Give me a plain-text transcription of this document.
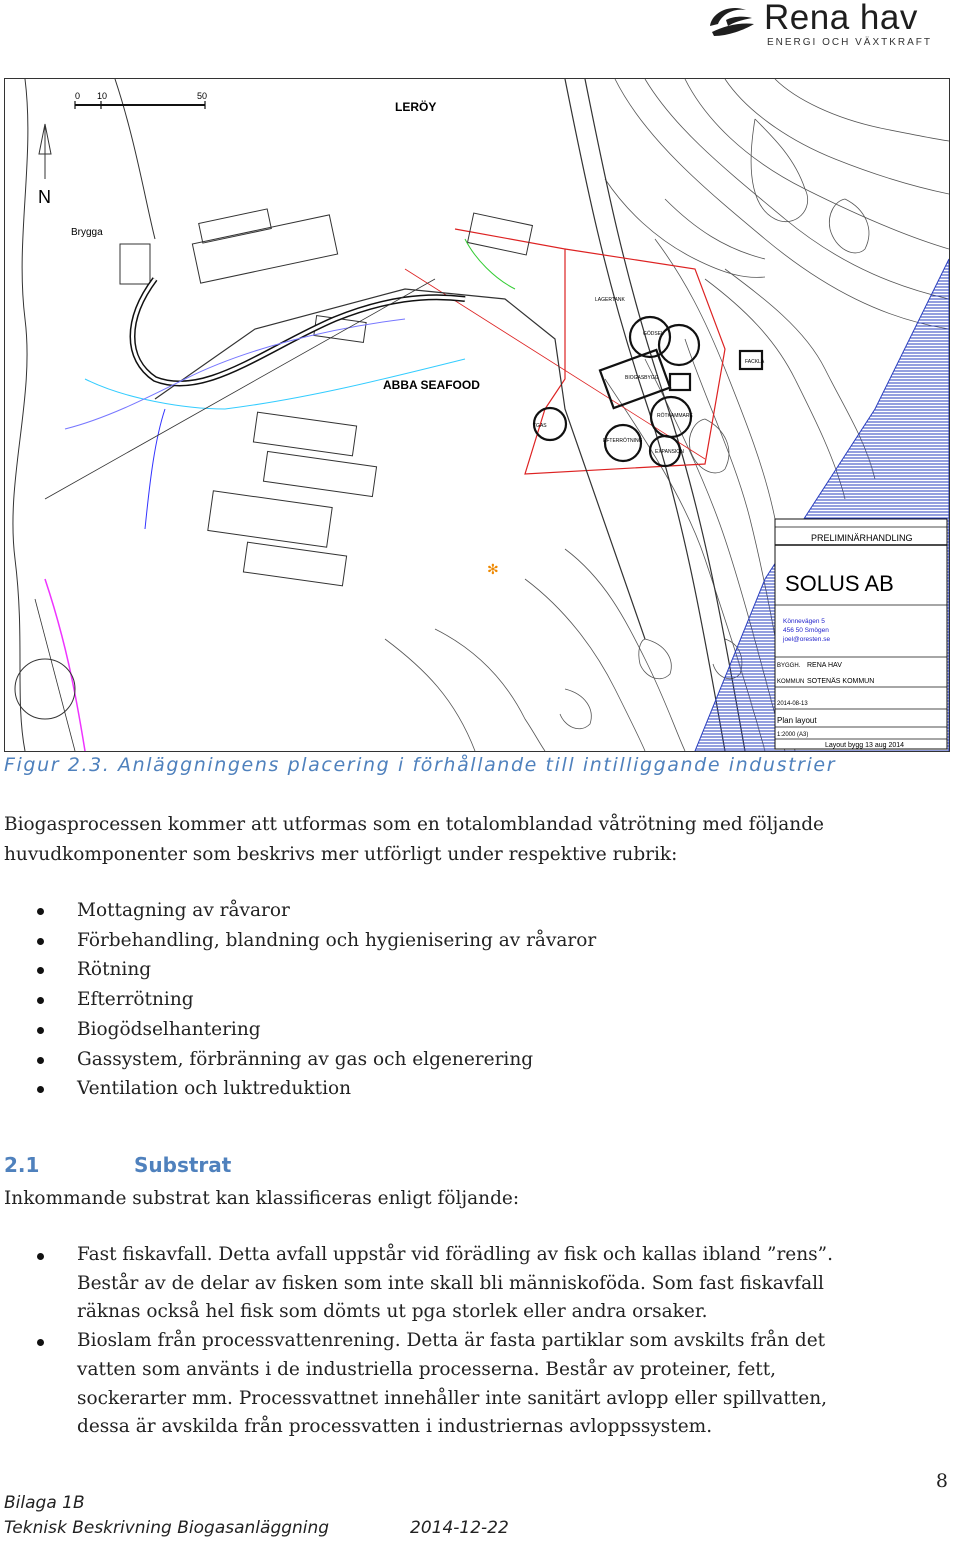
Rena hav
ENERGI OCH VÄXTKRAFT
TGAS
EFTERRÖTNING
EXPANSION
RÖTKAMMARE
GÖDSEL
BIOGASBYGG
FACKLA
LAGERTANK
✻
N
0 10	50
LERÖY
ABBA SEAFOOD
Brygga
PRELIMINÄRHANDLING
SOLUS AB
Könnevägen 5
456 50 Smögen
joel@oresten.se
BYGGH. RENA HAV
KOMMUN SOTENÄS KOMMUN
2014-08-13
Plan layout
1:2000 (A3)
Layout bygg 13 aug 2014
Figur 2.3. Anläggningens placering i förhållande till intilliggande industrier

Biogasprocessen kommer att utformas som en totalomblandad våtrötning med följande
huvudkomponenter som beskrivs mer utförligt under respektive rubrik:

Mottagning av råvaror
Förbehandling, blandning och hygienisering av råvaror
Rötning
Efterrötning
Biogödselhantering
Gassystem, förbränning av gas och elgenerering
Ventilation och luktreduktion
2.1	Substrat

Inkommande substrat kan klassificeras enligt följande:

Fast fiskavfall. Detta avfall uppstår vid förädling av fisk och kallas ibland ”rens”.
Består av de delar av fisken som inte skall bli människoföda. Som fast fiskavfall
räknas också hel fisk som dömts ut pga storlek eller andra orsaker.
Bioslam från processvattenrening. Detta är fasta partiklar som avskilts från det
vatten som använts i de industriella processerna. Består av proteiner, fett,
sockerarter mm. Processvattnet innehåller inte sanitärt avlopp eller spillvatten,
dessa är avskilda från processvatten i industriernas avloppssystem.
8
Bilaga 1B
Teknisk Beskrivning Biogasanläggning	2014-12-22
